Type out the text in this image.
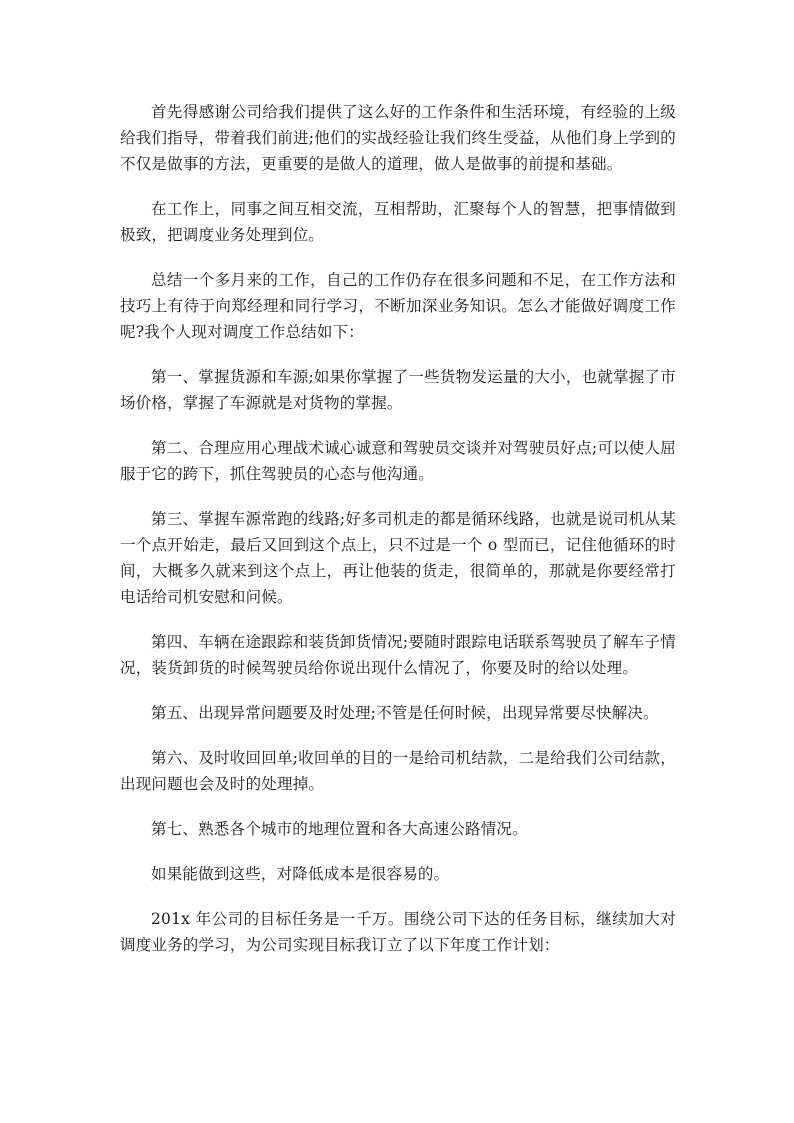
首先得感谢公司给我们提供了这么好的工作条件和生活环境，有经验的上级给我们指导，带着我们前进;他们的实战经验让我们终生受益，从他们身上学到的不仅是做事的方法，更重要的是做人的道理，做人是做事的前提和基础。

在工作上，同事之间互相交流，互相帮助，汇聚每个人的智慧，把事情做到极致，把调度业务处理到位。

总结一个多月来的工作，自己的工作仍存在很多问题和不足，在工作方法和技巧上有待于向郑经理和同行学习，不断加深业务知识。怎么才能做好调度工作呢?我个人现对调度工作总结如下：

第一、掌握货源和车源;如果你掌握了一些货物发运量的大小，也就掌握了市场价格，掌握了车源就是对货物的掌握。

第二、合理应用心理战术诚心诚意和驾驶员交谈并对驾驶员好点;可以使人屈服于它的跨下，抓住驾驶员的心态与他沟通。

第三、掌握车源常跑的线路;好多司机走的都是循环线路，也就是说司机从某一个点开始走，最后又回到这个点上，只不过是一个 o 型而已，记住他循环的时间，大概多久就来到这个点上，再让他装的货走，很简单的，那就是你要经常打电话给司机安慰和问候。

第四、车辆在途跟踪和装货卸货情况;要随时跟踪电话联系驾驶员了解车子情况，装货卸货的时候驾驶员给你说出现什么情况了，你要及时的给以处理。

第五、出现异常问题要及时处理;不管是任何时候，出现异常要尽快解决。

第六、及时收回回单;收回单的目的一是给司机结款，二是给我们公司结款，出现问题也会及时的处理掉。

第七、熟悉各个城市的地理位置和各大高速公路情况。

如果能做到这些，对降低成本是很容易的。

201x 年公司的目标任务是一千万。围绕公司下达的任务目标，继续加大对调度业务的学习，为公司实现目标我订立了以下年度工作计划：
